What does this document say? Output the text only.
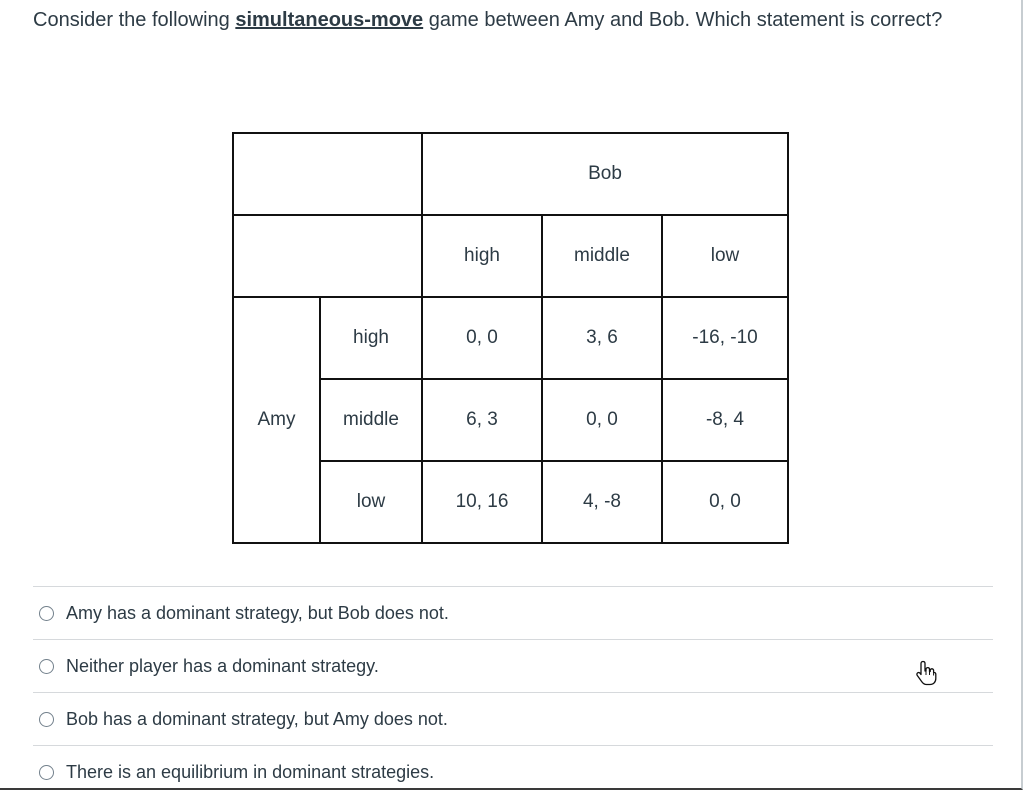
Consider the following simultaneous-move game between Amy and Bob. Which statement is correct?
		Bob		
		high	middle	low
Amy	high	0, 0	3, 6	-16, -10
	middle	6, 3	0, 0	-8, 4
	low	10, 16	4, -8	0, 0
Amy has a dominant strategy, but Bob does not.
Neither player has a dominant strategy.
Bob has a dominant strategy, but Amy does not.
There is an equilibrium in dominant strategies.
